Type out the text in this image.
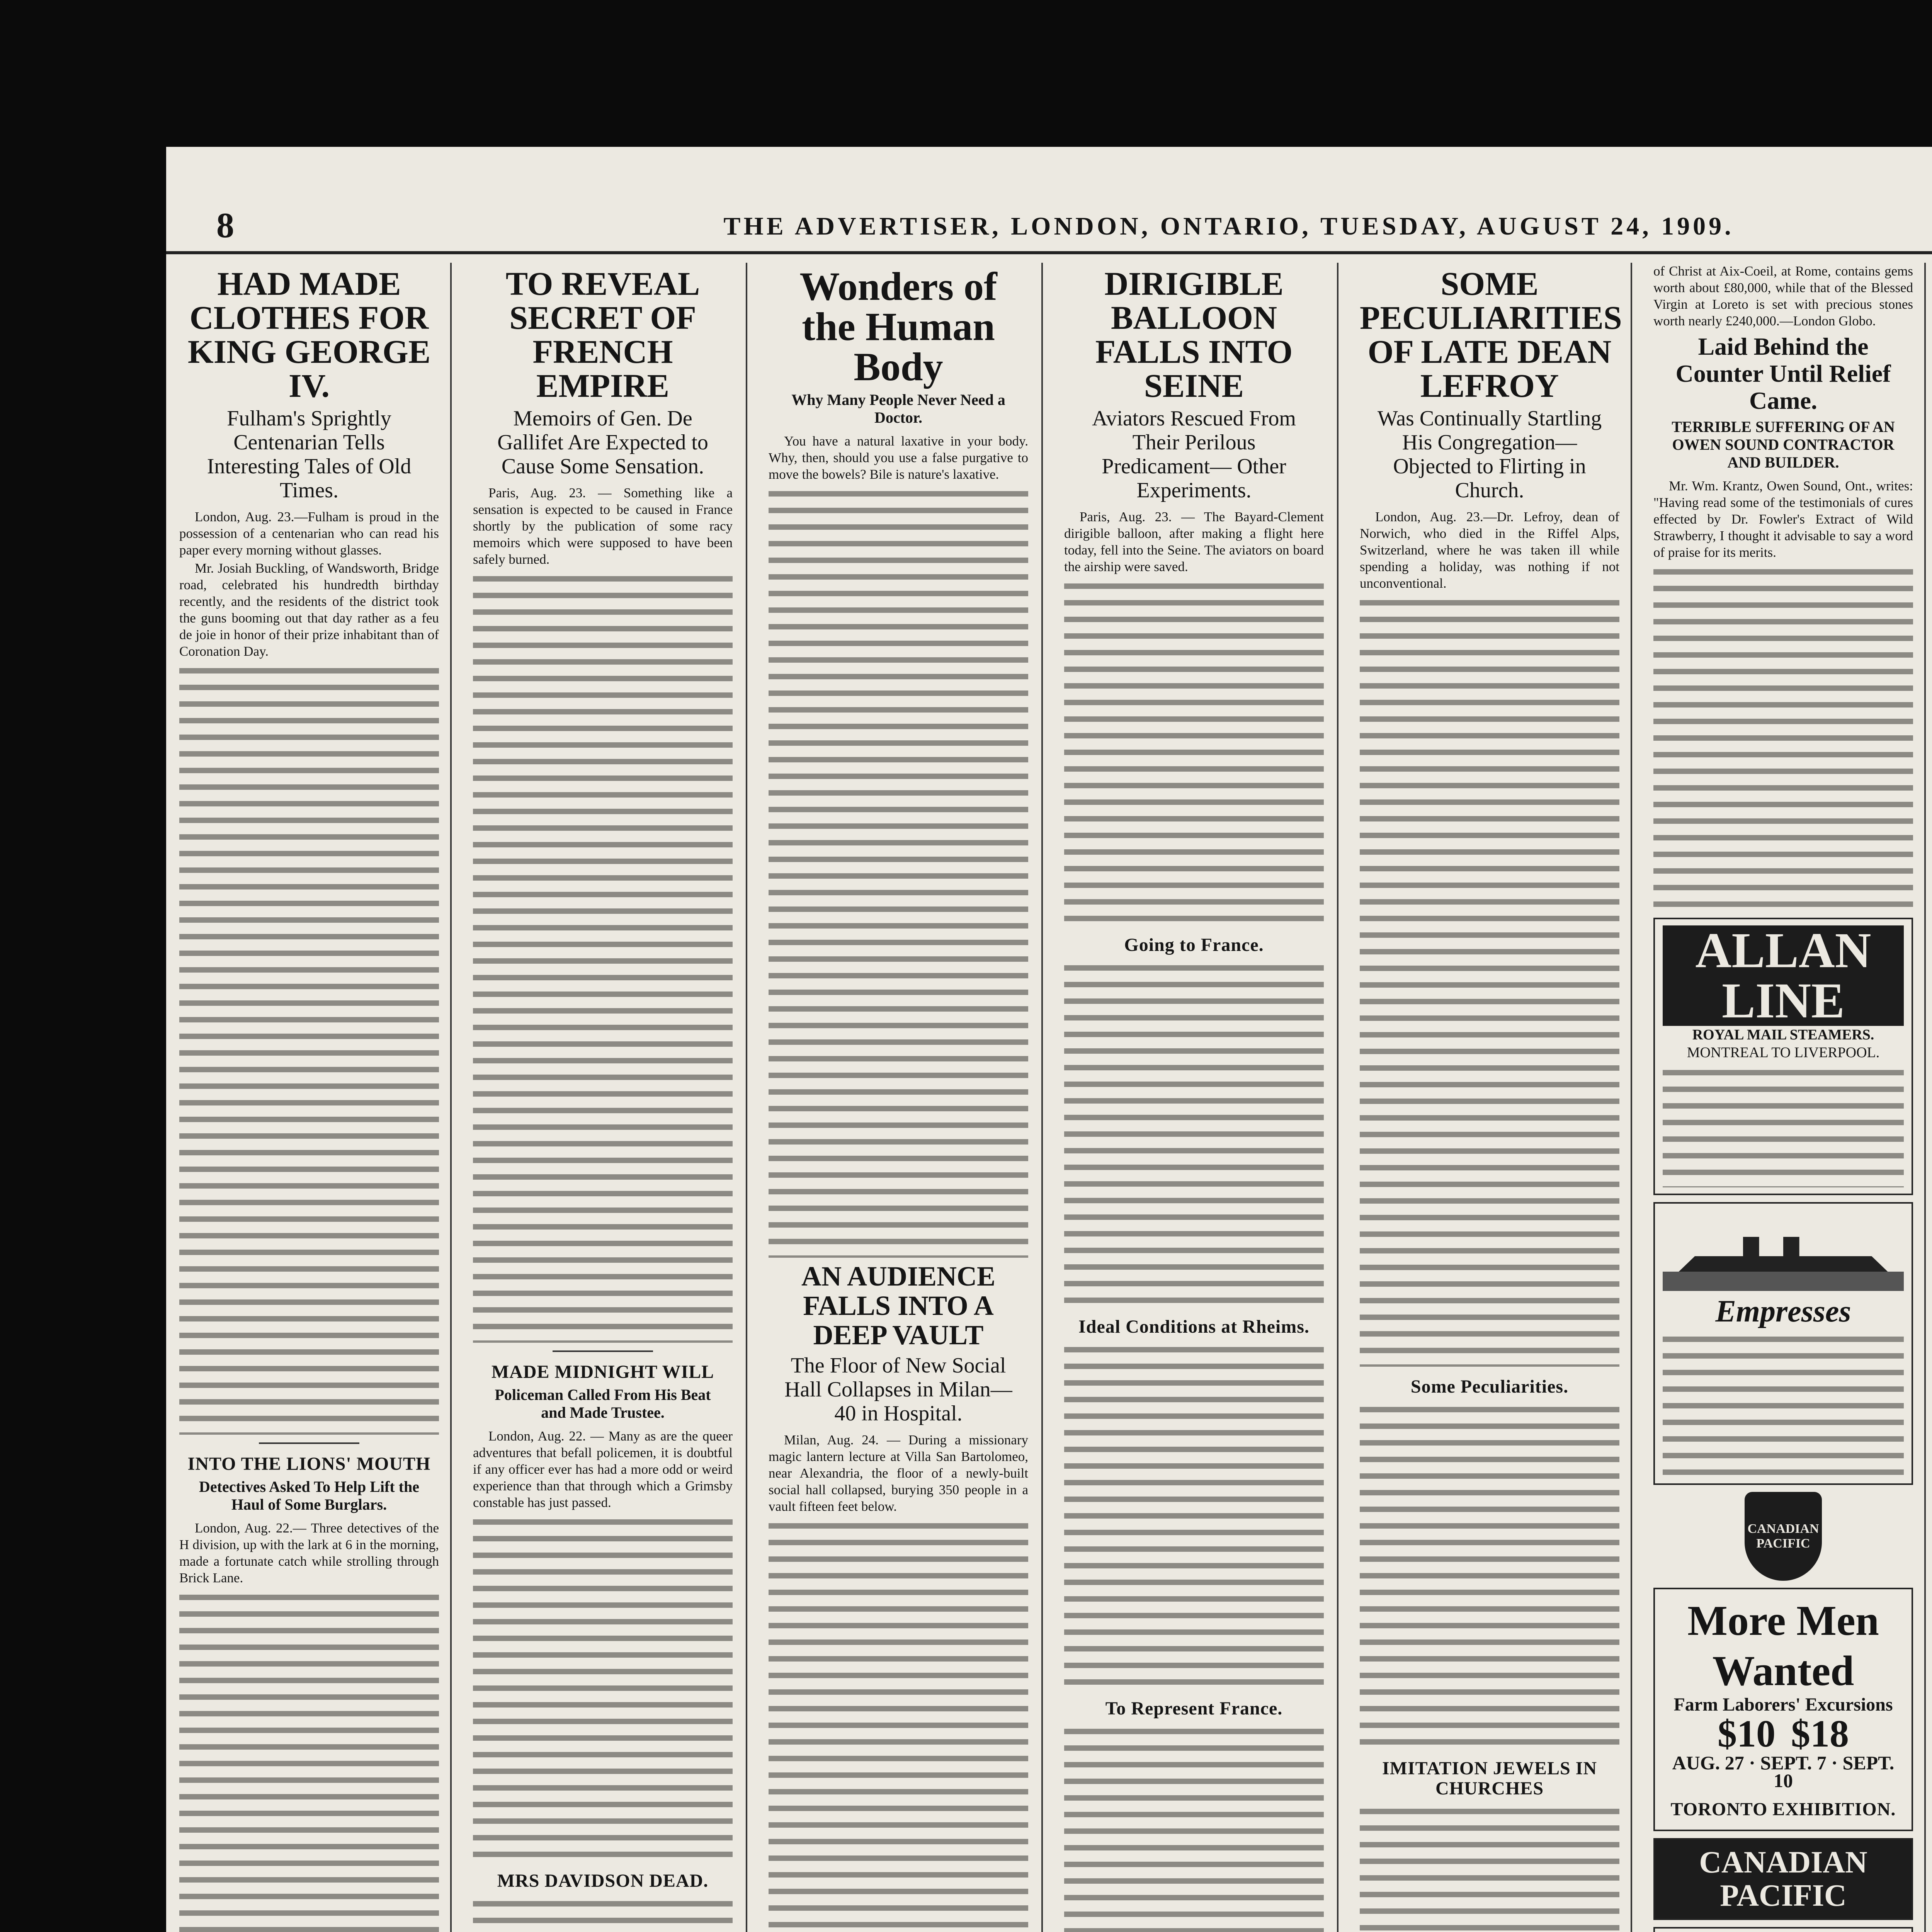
8	THE ADVERTISER, LONDON, ONTARIO, TUESDAY, AUGUST 24, 1909.
HAD MADE CLOTHES FOR KING GEORGE IV.
Fulham's Sprightly Centenarian Tells Interesting Tales of Old Times.

London, Aug. 23.—Fulham is proud in the possession of a centenarian who can read his paper every morning without glasses.

Mr. Josiah Buckling, of Wandsworth, Bridge road, celebrated his hundredth birthday recently, and the residents of the district took the guns booming out that day rather as a feu de joie in honor of their prize inhabitant than of Coronation Day.

INTO THE LIONS' MOUTH
Detectives Asked To Help Lift the Haul of Some Burglars.

London, Aug. 22.— Three detectives of the H division, up with the lark at 6 in the morning, made a fortunate catch while strolling through Brick Lane.

TO REVEAL SECRET OF FRENCH EMPIRE
Memoirs of Gen. De Gallifet Are Expected to Cause Some Sensation.

Paris, Aug. 23. — Something like a sensation is expected to be caused in France shortly by the publication of some racy memoirs which were supposed to have been safely burned.

MADE MIDNIGHT WILL
Policeman Called From His Beat and Made Trustee.

London, Aug. 22. — Many as are the queer adventures that befall policemen, it is doubtful if any officer ever has had a more odd or weird experience than that through which a Grimsby constable has just passed.

MRS DAVIDSON DEAD.
Wonders of the Human Body
Why Many People Never Need a Doctor.

You have a natural laxative in your body. Why, then, should you use a false purgative to move the bowels? Bile is nature's laxative.

AN AUDIENCE FALLS INTO A DEEP VAULT
The Floor of New Social Hall Collapses in Milan—40 in Hospital.

Milan, Aug. 24. — During a missionary magic lantern lecture at Villa San Bartolomeo, near Alexandria, the floor of a newly-built social hall collapsed, burying 350 people in a vault fifteen feet below.

DIRIGIBLE BALLOON FALLS INTO SEINE
Aviators Rescued From Their Perilous Predicament— Other Experiments.

Paris, Aug. 23. — The Bayard-Clement dirigible balloon, after making a flight here today, fell into the Seine. The aviators on board the airship were saved.

Going to France.
Ideal Conditions at Rheims.
To Represent France.
SOME PECULIARITIES OF LATE DEAN LEFROY
Was Continually Startling His Congregation—Objected to Flirting in Church.

London, Aug. 23.—Dr. Lefroy, dean of Norwich, who died in the Riffel Alps, Switzerland, where he was taken ill while spending a holiday, was nothing if not unconventional.

Some Peculiarities.
IMITATION JEWELS IN CHURCHES

of Christ at Aix-Coeil, at Rome, contains gems worth about £80,000, while that of the Blessed Virgin at Loreto is set with precious stones worth nearly £240,000.—London Globo.

Laid Behind the Counter Until Relief Came.
TERRIBLE SUFFERING OF AN OWEN SOUND CONTRACTOR AND BUILDER.

Mr. Wm. Krantz, Owen Sound, Ont., writes: "Having read some of the testimonials of cures effected by Dr. Fowler's Extract of Wild Strawberry, I thought it advisable to say a word of praise for its merits.

ALLAN LINE
ROYAL MAIL STEAMERS.
MONTREAL TO LIVERPOOL.
Empresses
CANADIAN PACIFIC
More Men Wanted
Farm Laborers' Excursions
$10 $18
AUG. 27 · SEPT. 7 · SEPT. 10
TORONTO EXHIBITION.
CANADIAN PACIFIC
